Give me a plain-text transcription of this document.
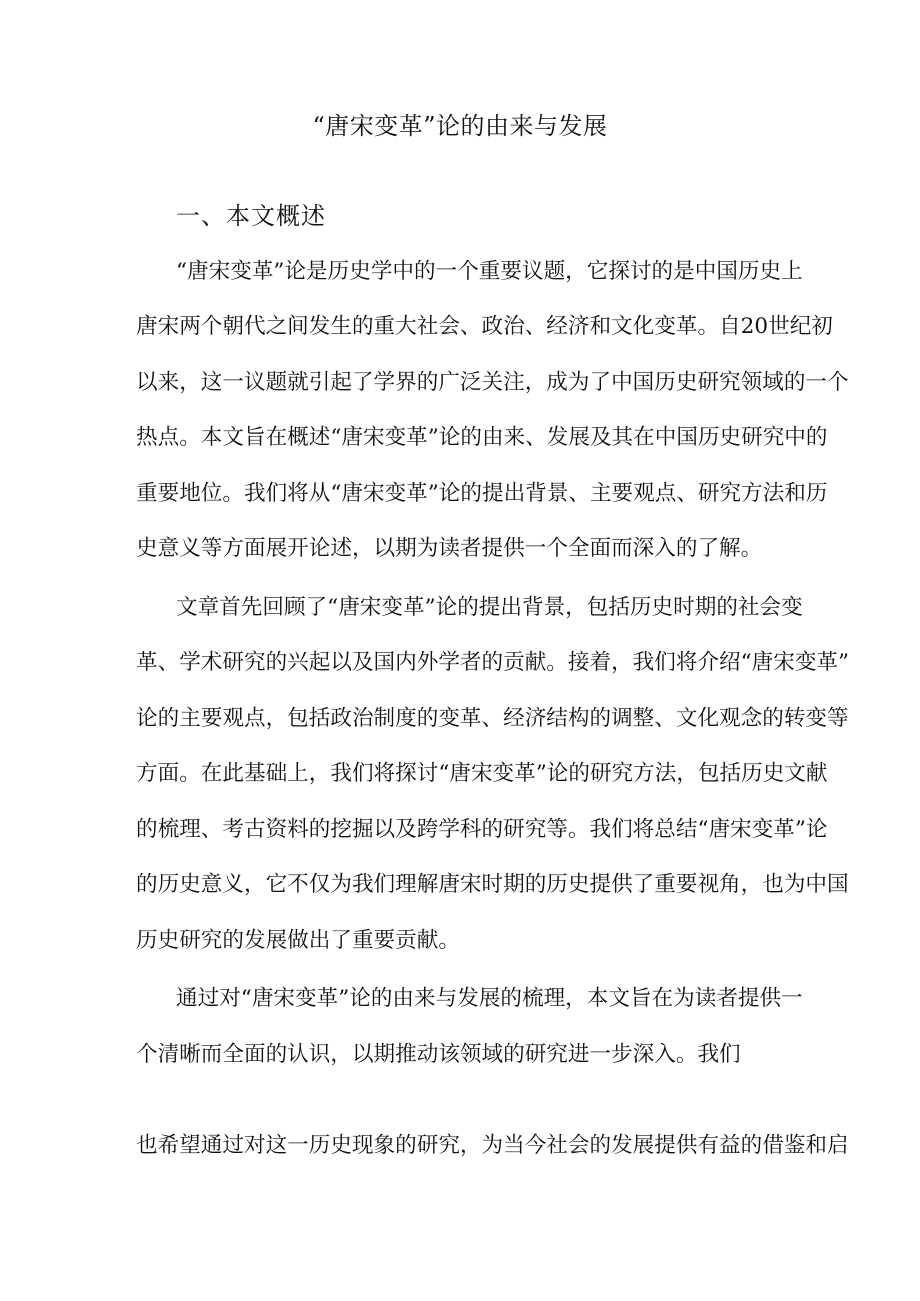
“唐宋变革”论的由来与发展
一、本文概述
“唐宋变革”论是历史学中的一个重要议题，它探讨的是中国历史上
唐宋两个朝代之间发生的重大社会、政治、经济和文化变革。自20世纪初
以来，这一议题就引起了学界的广泛关注，成为了中国历史研究领域的一个
热点。本文旨在概述“唐宋变革”论的由来、发展及其在中国历史研究中的
重要地位。我们将从“唐宋变革”论的提出背景、主要观点、研究方法和历
史意义等方面展开论述，以期为读者提供一个全面而深入的了解。
文章首先回顾了“唐宋变革”论的提出背景，包括历史时期的社会变
革、学术研究的兴起以及国内外学者的贡献。接着，我们将介绍“唐宋变革”
论的主要观点，包括政治制度的变革、经济结构的调整、文化观念的转变等
方面。在此基础上，我们将探讨“唐宋变革”论的研究方法，包括历史文献
的梳理、考古资料的挖掘以及跨学科的研究等。我们将总结“唐宋变革”论
的历史意义，它不仅为我们理解唐宋时期的历史提供了重要视角，也为中国
历史研究的发展做出了重要贡献。
通过对“唐宋变革”论的由来与发展的梳理，本文旨在为读者提供一
个清晰而全面的认识，以期推动该领域的研究进一步深入。我们
也希望通过对这一历史现象的研究，为当今社会的发展提供有益的借鉴和启
